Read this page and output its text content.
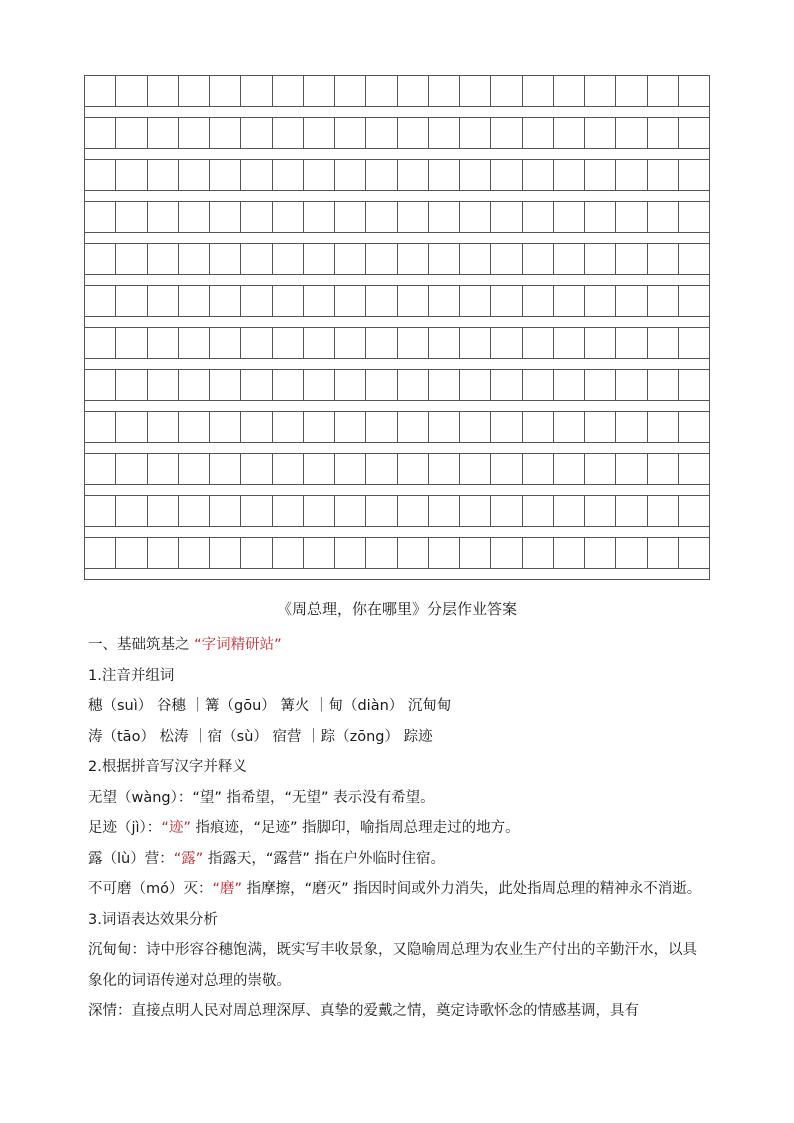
《周总理，你在哪里》分层作业答案

一、基础筑基之 “字词精研站”

1.注音并组词

穗（suì） 谷穗 ｜篝（gōu） 篝火 ｜甸（diàn） 沉甸甸

涛（tāo） 松涛 ｜宿（sù） 宿营 ｜踪（zōng） 踪迹

2.根据拼音写汉字并释义

无望（wàng）：“望” 指希望，“无望” 表示没有希望。

足迹（jì）：“迹” 指痕迹，“足迹” 指脚印，喻指周总理走过的地方。

露（lù）营：“露” 指露天，“露营” 指在户外临时住宿。

不可磨（mó）灭：“磨” 指摩擦，“磨灭” 指因时间或外力消失，此处指周总理的精神永不消逝。

3.词语表达效果分析

沉甸甸：诗中形容谷穗饱满，既实写丰收景象，又隐喻周总理为农业生产付出的辛勤汗水，以具象化的词语传递对总理的崇敬。

深情：直接点明人民对周总理深厚、真挚的爱戴之情，奠定诗歌怀念的情感基调，具有
